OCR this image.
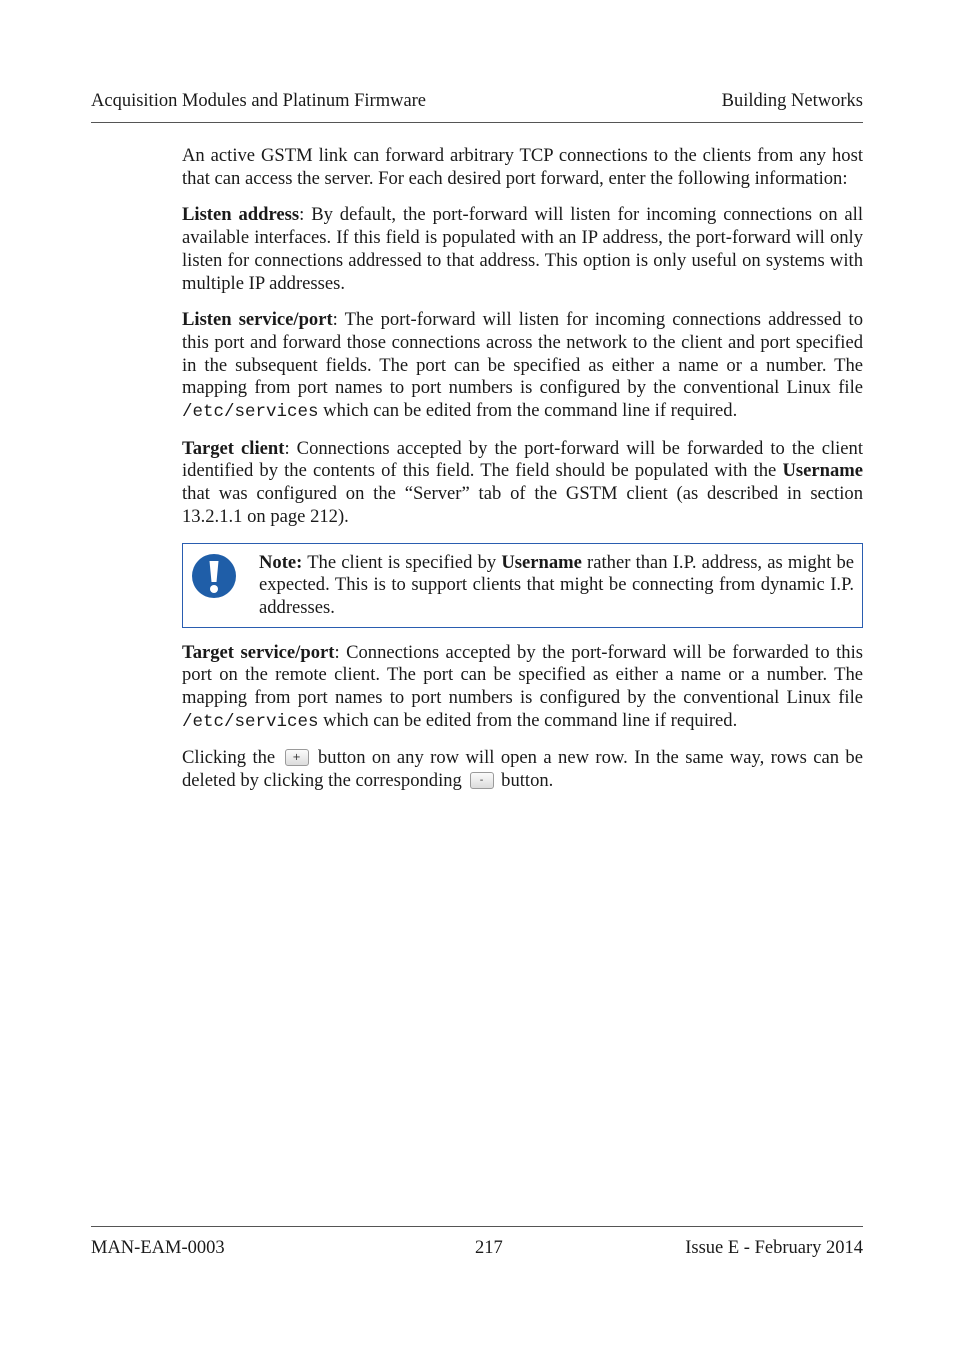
Acquisition Modules and Platinum Firmware	Building Networks

An active GSTM link can forward arbitrary TCP connections to the clients from any host that can access the server. For each desired port forward, enter the following information:

Listen address: By default, the port-forward will listen for incoming connections on all available interfaces. If this field is populated with an IP address, the port-forward will only listen for connections addressed to that address. This option is only useful on systems with multiple IP addresses.

Listen service/port: The port-forward will listen for incoming connections addressed to this port and forward those connections across the network to the client and port specified in the subsequent fields. The port can be specified as either a name or a number. The mapping from port names to port numbers is configured by the conventional Linux file /etc/services which can be edited from the command line if required.

Target client: Connections accepted by the port-forward will be forwarded to the client identified by the contents of this field. The field should be populated with the Username that was configured on the “Server” tab of the GSTM client (as described in section 13.2.1.1 on page 212).

Note: The client is specified by Username rather than I.P. address, as might be expected. This is to support clients that might be connecting from dynamic I.P. addresses.

Target service/port: Connections accepted by the port-forward will be forwarded to this port on the remote client. The port can be specified as either a name or a number. The mapping from port names to port numbers is configured by the conventional Linux file /etc/services which can be edited from the command line if required.

Clicking the + button on any row will open a new row. In the same way, rows can be deleted by clicking the corresponding - button.

MAN-EAM-0003	217	Issue E - February 2014
